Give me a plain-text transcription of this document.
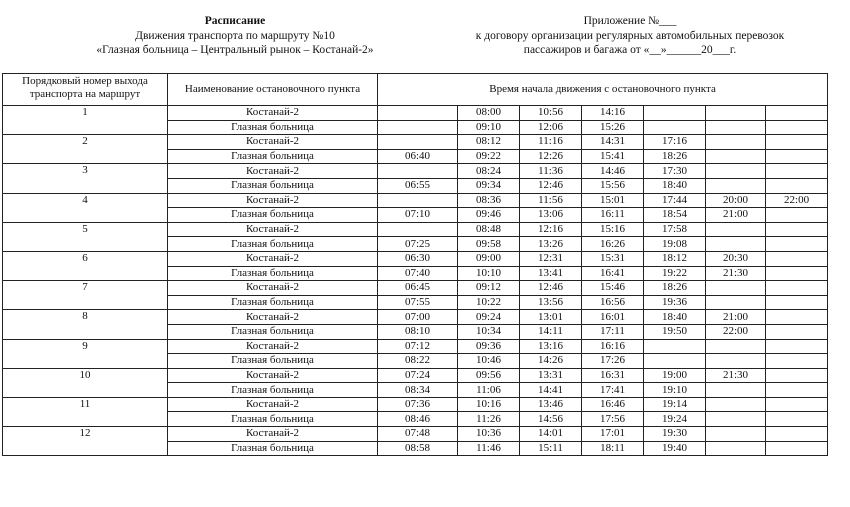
Расписание
Движения транспорта по маршруту №10
«Глазная больница – Центральный рынок – Костанай-2»
Приложение №___
к договору организации регулярных автомобильных перевозок
пассажиров и багажа от «__»______20___г.
Порядковый номер выхода транспорта на маршрут	Наименование остановочного пункта	Время начала движения с остановочного пункта						
1	Костанай-2		08:00	10:56	14:16			
	Глазная больница		09:10	12:06	15:26			
2	Костанай-2		08:12	11:16	14:31	17:16		
	Глазная больница	06:40	09:22	12:26	15:41	18:26		
3	Костанай-2		08:24	11:36	14:46	17:30		
	Глазная больница	06:55	09:34	12:46	15:56	18:40		
4	Костанай-2		08:36	11:56	15:01	17:44	20:00	22:00
	Глазная больница	07:10	09:46	13:06	16:11	18:54	21:00	
5	Костанай-2		08:48	12:16	15:16	17:58		
	Глазная больница	07:25	09:58	13:26	16:26	19:08		
6	Костанай-2	06:30	09:00	12:31	15:31	18:12	20:30	
	Глазная больница	07:40	10:10	13:41	16:41	19:22	21:30	
7	Костанай-2	06:45	09:12	12:46	15:46	18:26		
	Глазная больница	07:55	10:22	13:56	16:56	19:36		
8	Костанай-2	07:00	09:24	13:01	16:01	18:40	21:00	
	Глазная больница	08:10	10:34	14:11	17:11	19:50	22:00	
9	Костанай-2	07:12	09:36	13:16	16:16			
	Глазная больница	08:22	10:46	14:26	17:26			
10	Костанай-2	07:24	09:56	13:31	16:31	19:00	21:30	
	Глазная больница	08:34	11:06	14:41	17:41	19:10		
11	Костанай-2	07:36	10:16	13:46	16:46	19:14		
	Глазная больница	08:46	11:26	14:56	17:56	19:24		
12	Костанай-2	07:48	10:36	14:01	17:01	19:30		
	Глазная больница	08:58	11:46	15:11	18:11	19:40		
